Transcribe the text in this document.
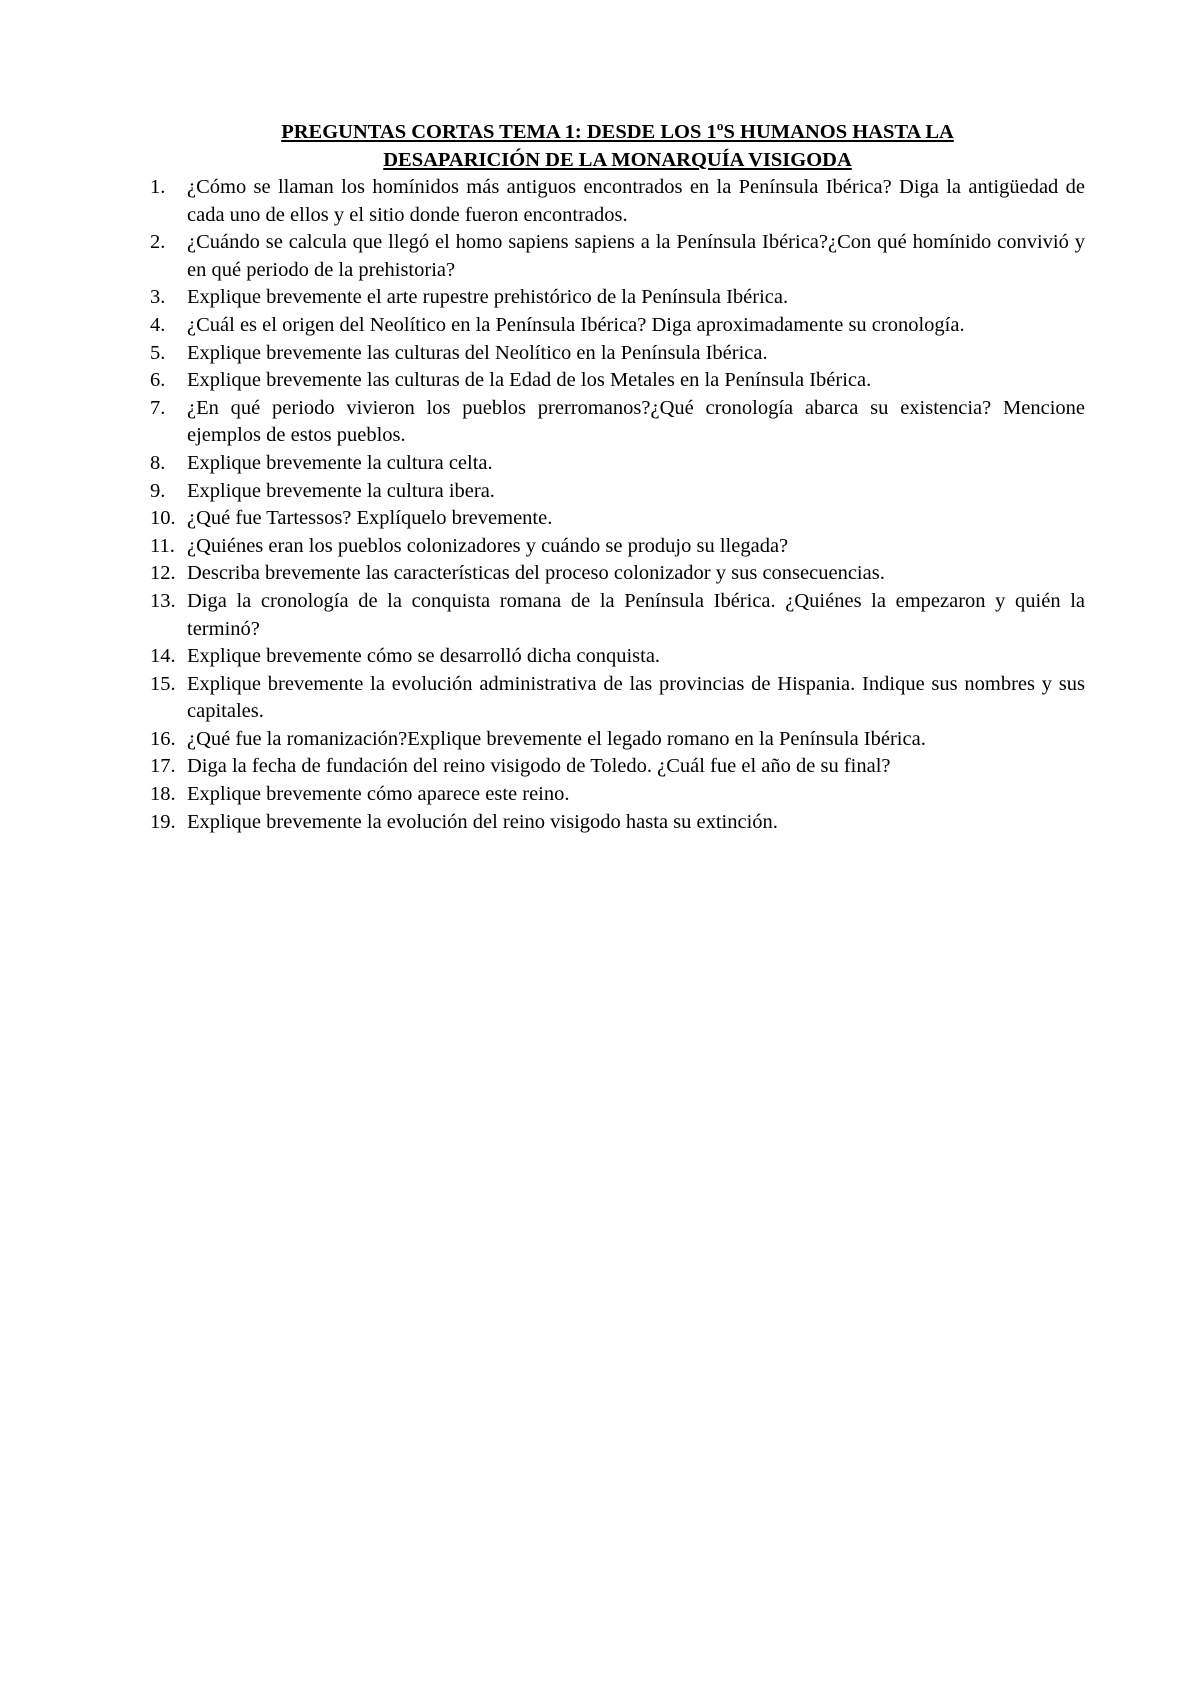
PREGUNTAS CORTAS TEMA 1: DESDE LOS 1ºS HUMANOS HASTA LA
DESAPARICIÓN DE LA MONARQUÍA VISIGODA
1. ¿Cómo se llaman los homínidos más antiguos encontrados en la Península Ibérica? Diga la antigüedad de cada uno de ellos y el sitio donde fueron encontrados.
2. ¿Cuándo se calcula que llegó el homo sapiens sapiens a la Península Ibérica?¿Con qué homínido convivió y en qué periodo de la prehistoria?
3. Explique brevemente el arte rupestre prehistórico de la Península Ibérica.
4. ¿Cuál es el origen del Neolítico en la Península Ibérica? Diga aproximadamente su cronología.
5. Explique brevemente las culturas del Neolítico en la Península Ibérica.
6. Explique brevemente las culturas de la Edad de los Metales en la Península Ibérica.
7. ¿En qué periodo vivieron los pueblos prerromanos?¿Qué cronología abarca su existencia? Mencione ejemplos de estos pueblos.
8. Explique brevemente la cultura celta.
9. Explique brevemente la cultura ibera.
10. ¿Qué fue Tartessos? Explíquelo brevemente.
11. ¿Quiénes eran los pueblos colonizadores y cuándo se produjo su llegada?
12. Describa brevemente las características del proceso colonizador y sus consecuencias.
13. Diga la cronología de la conquista romana de la Península Ibérica. ¿Quiénes la empezaron y quién la terminó?
14. Explique brevemente cómo se desarrolló dicha conquista.
15. Explique brevemente la evolución administrativa de las provincias de Hispania. Indique sus nombres y sus capitales.
16. ¿Qué fue la romanización?Explique brevemente el legado romano en la Península Ibérica.
17. Diga la fecha de fundación del reino visigodo de Toledo. ¿Cuál fue el año de su final?
18. Explique brevemente cómo aparece este reino.
19. Explique brevemente la evolución del reino visigodo hasta su extinción.
